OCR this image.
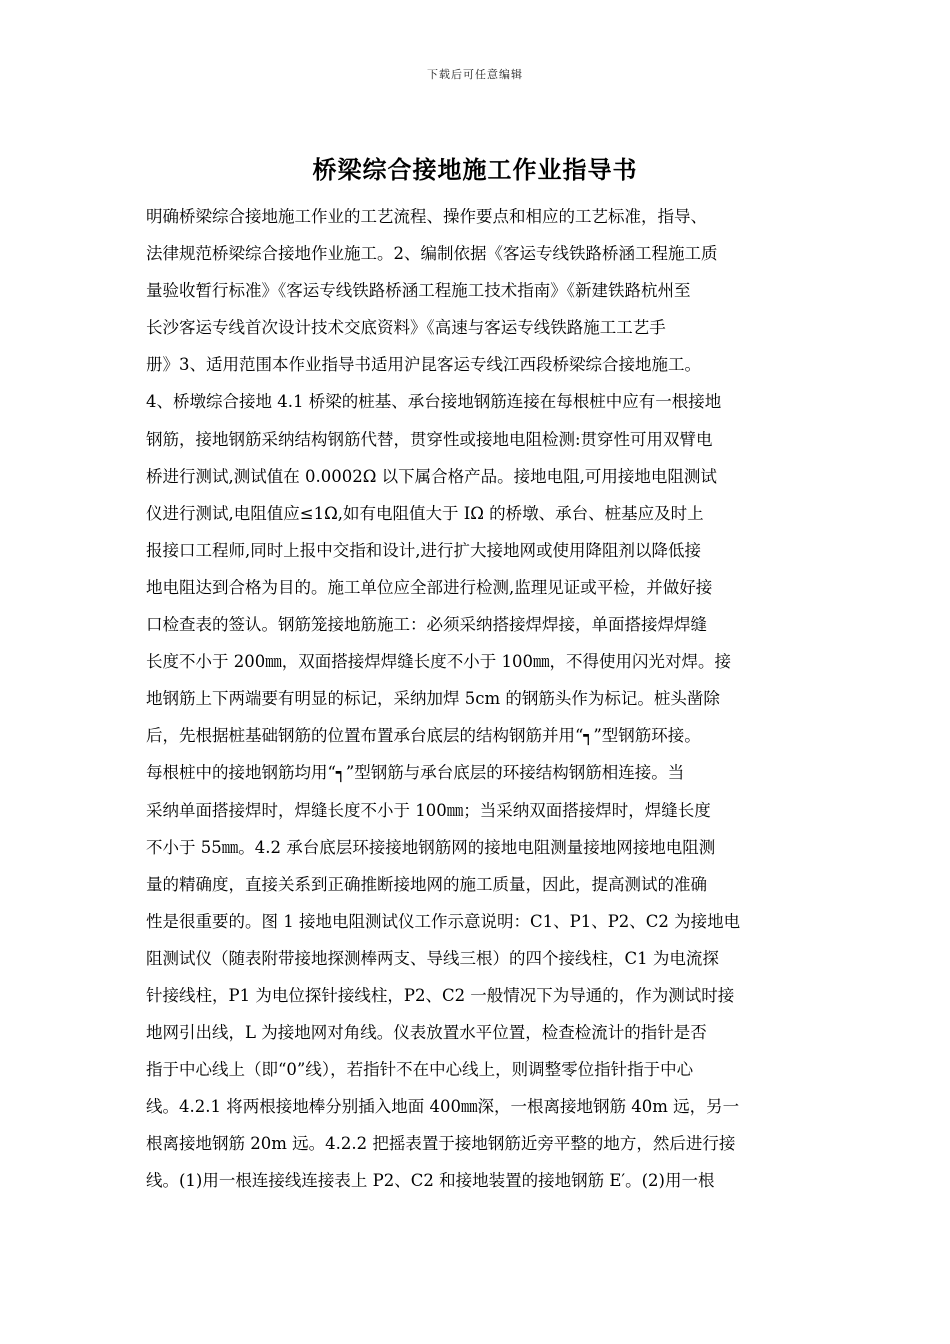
下载后可任意编辑
桥梁综合接地施工作业指导书
明确桥梁综合接地施工作业的工艺流程、操作要点和相应的工艺标准，指导、
法律规范桥梁综合接地作业施工。2、编制依据《客运专线铁路桥涵工程施工质
量验收暂行标准》《客运专线铁路桥涵工程施工技术指南》《新建铁路杭州至
长沙客运专线首次设计技术交底资料》《高速与客运专线铁路施工工艺手
册》3、适用范围本作业指导书适用沪昆客运专线江西段桥梁综合接地施工。
4、桥墩综合接地 4.1 桥梁的桩基、承台接地钢筋连接在每根桩中应有一根接地
钢筋，接地钢筋采纳结构钢筋代替，贯穿性或接地电阻检测:贯穿性可用双臂电
桥进行测试,测试值在 0.0002Ω 以下属合格产品。接地电阻,可用接地电阻测试
仪进行测试,电阻值应≤1Ω,如有电阻值大于 IΩ 的桥墩、承台、桩基应及时上
报接口工程师,同时上报中交指和设计,进行扩大接地网或使用降阻剂以降低接
地电阻达到合格为目的。施工单位应全部进行检测,监理见证或平检，并做好接
口检查表的签认。钢筋笼接地筋施工：必须采纳搭接焊焊接，单面搭接焊焊缝
长度不小于 200㎜，双面搭接焊焊缝长度不小于 100㎜，不得使用闪光对焊。接
地钢筋上下两端要有明显的标记，采纳加焊 5cm 的钢筋头作为标记。桩头凿除
后，先根据桩基础钢筋的位置布置承台底层的结构钢筋并用“┑”型钢筋环接。
每根桩中的接地钢筋均用“┑”型钢筋与承台底层的环接结构钢筋相连接。当
采纳单面搭接焊时，焊缝长度不小于 100㎜；当采纳双面搭接焊时，焊缝长度
不小于 55㎜。4.2 承台底层环接接地钢筋网的接地电阻测量接地网接地电阻测
量的精确度，直接关系到正确推断接地网的施工质量，因此，提高测试的准确
性是很重要的。图 1 接地电阻测试仪工作示意说明：C1、P1、P2、C2 为接地电
阻测试仪（随表附带接地探测棒两支、导线三根）的四个接线柱，C1 为电流探
针接线柱，P1 为电位探针接线柱，P2、C2 一般情况下为导通的，作为测试时接
地网引出线，L 为接地网对角线。仪表放置水平位置，检查检流计的指针是否
指于中心线上（即“0”线），若指针不在中心线上，则调整零位指针指于中心
线。4.2.1 将两根接地棒分别插入地面 400㎜深，一根离接地钢筋 40m 远，另一
根离接地钢筋 20m 远。4.2.2 把摇表置于接地钢筋近旁平整的地方，然后进行接
线。(1)用一根连接线连接表上 P2、C2 和接地装置的接地钢筋 E′。(2)用一根
